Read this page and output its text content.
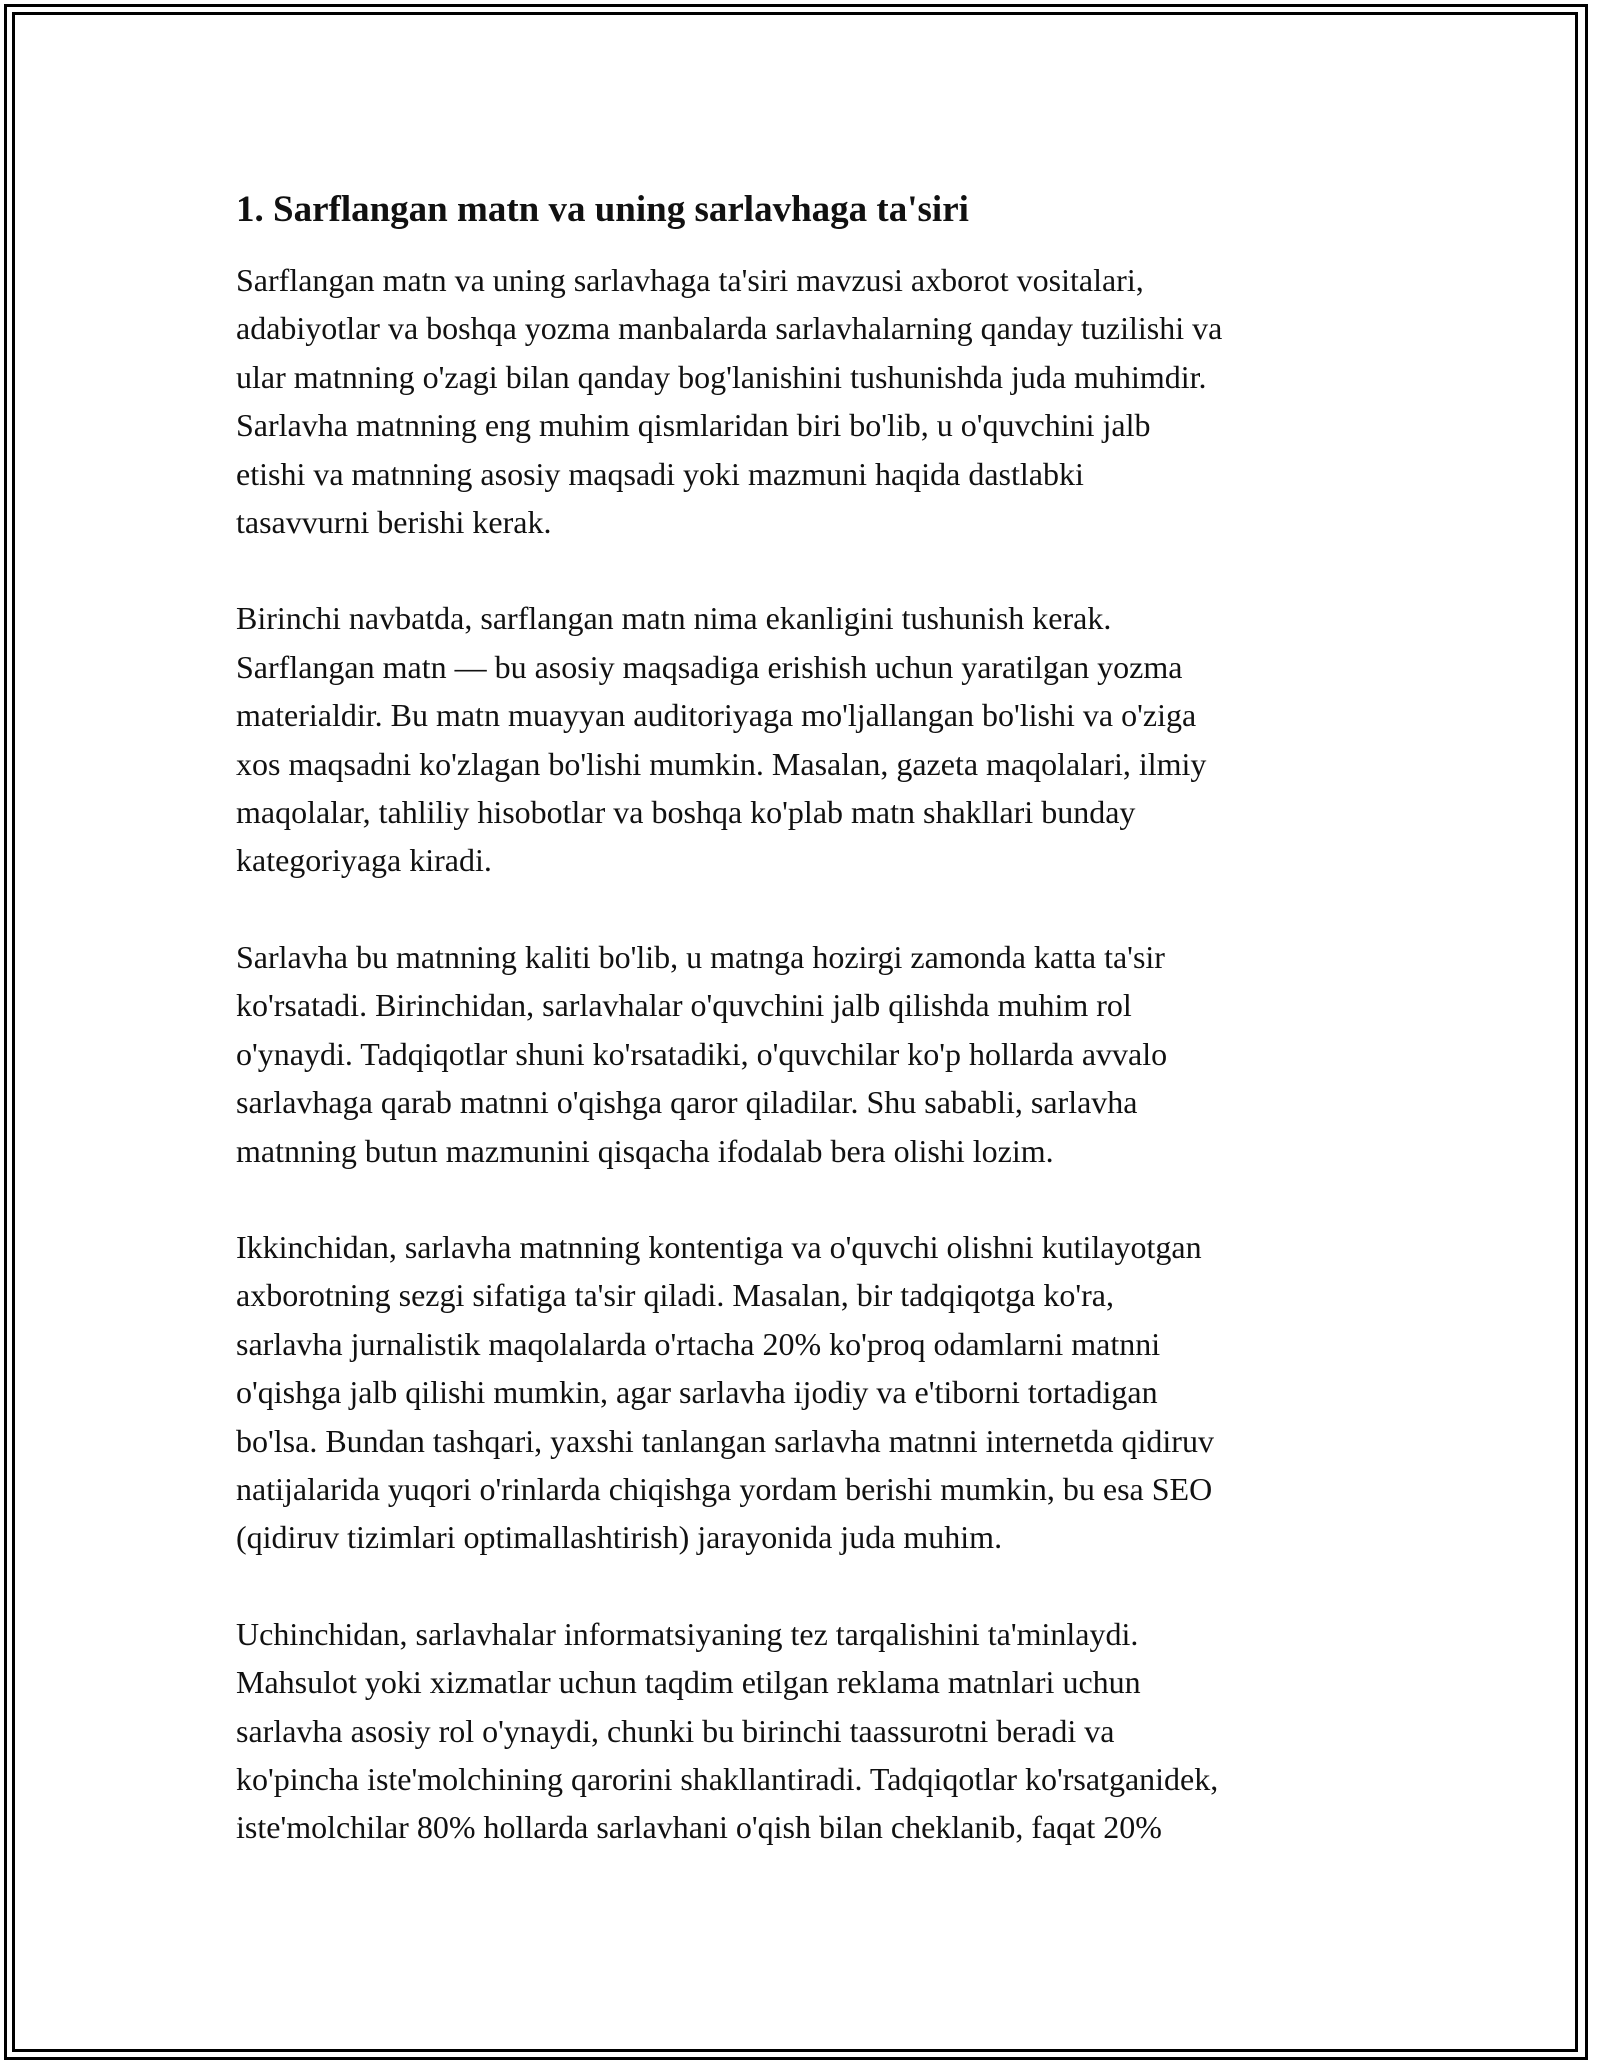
1. Sarflangan matn va uning sarlavhaga ta'siri

Sarflangan matn va uning sarlavhaga ta'siri mavzusi axborot vositalari,
adabiyotlar va boshqa yozma manbalarda sarlavhalarning qanday tuzilishi va
ular matnning o'zagi bilan qanday bog'lanishini tushunishda juda muhimdir.
Sarlavha matnning eng muhim qismlaridan biri bo'lib, u o'quvchini jalb
etishi va matnning asosiy maqsadi yoki mazmuni haqida dastlabki
tasavvurni berishi kerak.

Birinchi navbatda, sarflangan matn nima ekanligini tushunish kerak.
Sarflangan matn — bu asosiy maqsadiga erishish uchun yaratilgan yozma
materialdir. Bu matn muayyan auditoriyaga mo'ljallangan bo'lishi va o'ziga
xos maqsadni ko'zlagan bo'lishi mumkin. Masalan, gazeta maqolalari, ilmiy
maqolalar, tahliliy hisobotlar va boshqa ko'plab matn shakllari bunday
kategoriyaga kiradi.

Sarlavha bu matnning kaliti bo'lib, u matnga hozirgi zamonda katta ta'sir
ko'rsatadi. Birinchidan, sarlavhalar o'quvchini jalb qilishda muhim rol
o'ynaydi. Tadqiqotlar shuni ko'rsatadiki, o'quvchilar ko'p hollarda avvalo
sarlavhaga qarab matnni o'qishga qaror qiladilar. Shu sababli, sarlavha
matnning butun mazmunini qisqacha ifodalab bera olishi lozim.

Ikkinchidan, sarlavha matnning kontentiga va o'quvchi olishni kutilayotgan
axborotning sezgi sifatiga ta'sir qiladi. Masalan, bir tadqiqotga ko'ra,
sarlavha jurnalistik maqolalarda o'rtacha 20% ko'proq odamlarni matnni
o'qishga jalb qilishi mumkin, agar sarlavha ijodiy va e'tiborni tortadigan
bo'lsa. Bundan tashqari, yaxshi tanlangan sarlavha matnni internetda qidiruv
natijalarida yuqori o'rinlarda chiqishga yordam berishi mumkin, bu esa SEO
(qidiruv tizimlari optimallashtirish) jarayonida juda muhim.

Uchinchidan, sarlavhalar informatsiyaning tez tarqalishini ta'minlaydi.
Mahsulot yoki xizmatlar uchun taqdim etilgan reklama matnlari uchun
sarlavha asosiy rol o'ynaydi, chunki bu birinchi taassurotni beradi va
ko'pincha iste'molchining qarorini shakllantiradi. Tadqiqotlar ko'rsatganidek,
iste'molchilar 80% hollarda sarlavhani o'qish bilan cheklanib, faqat 20%
